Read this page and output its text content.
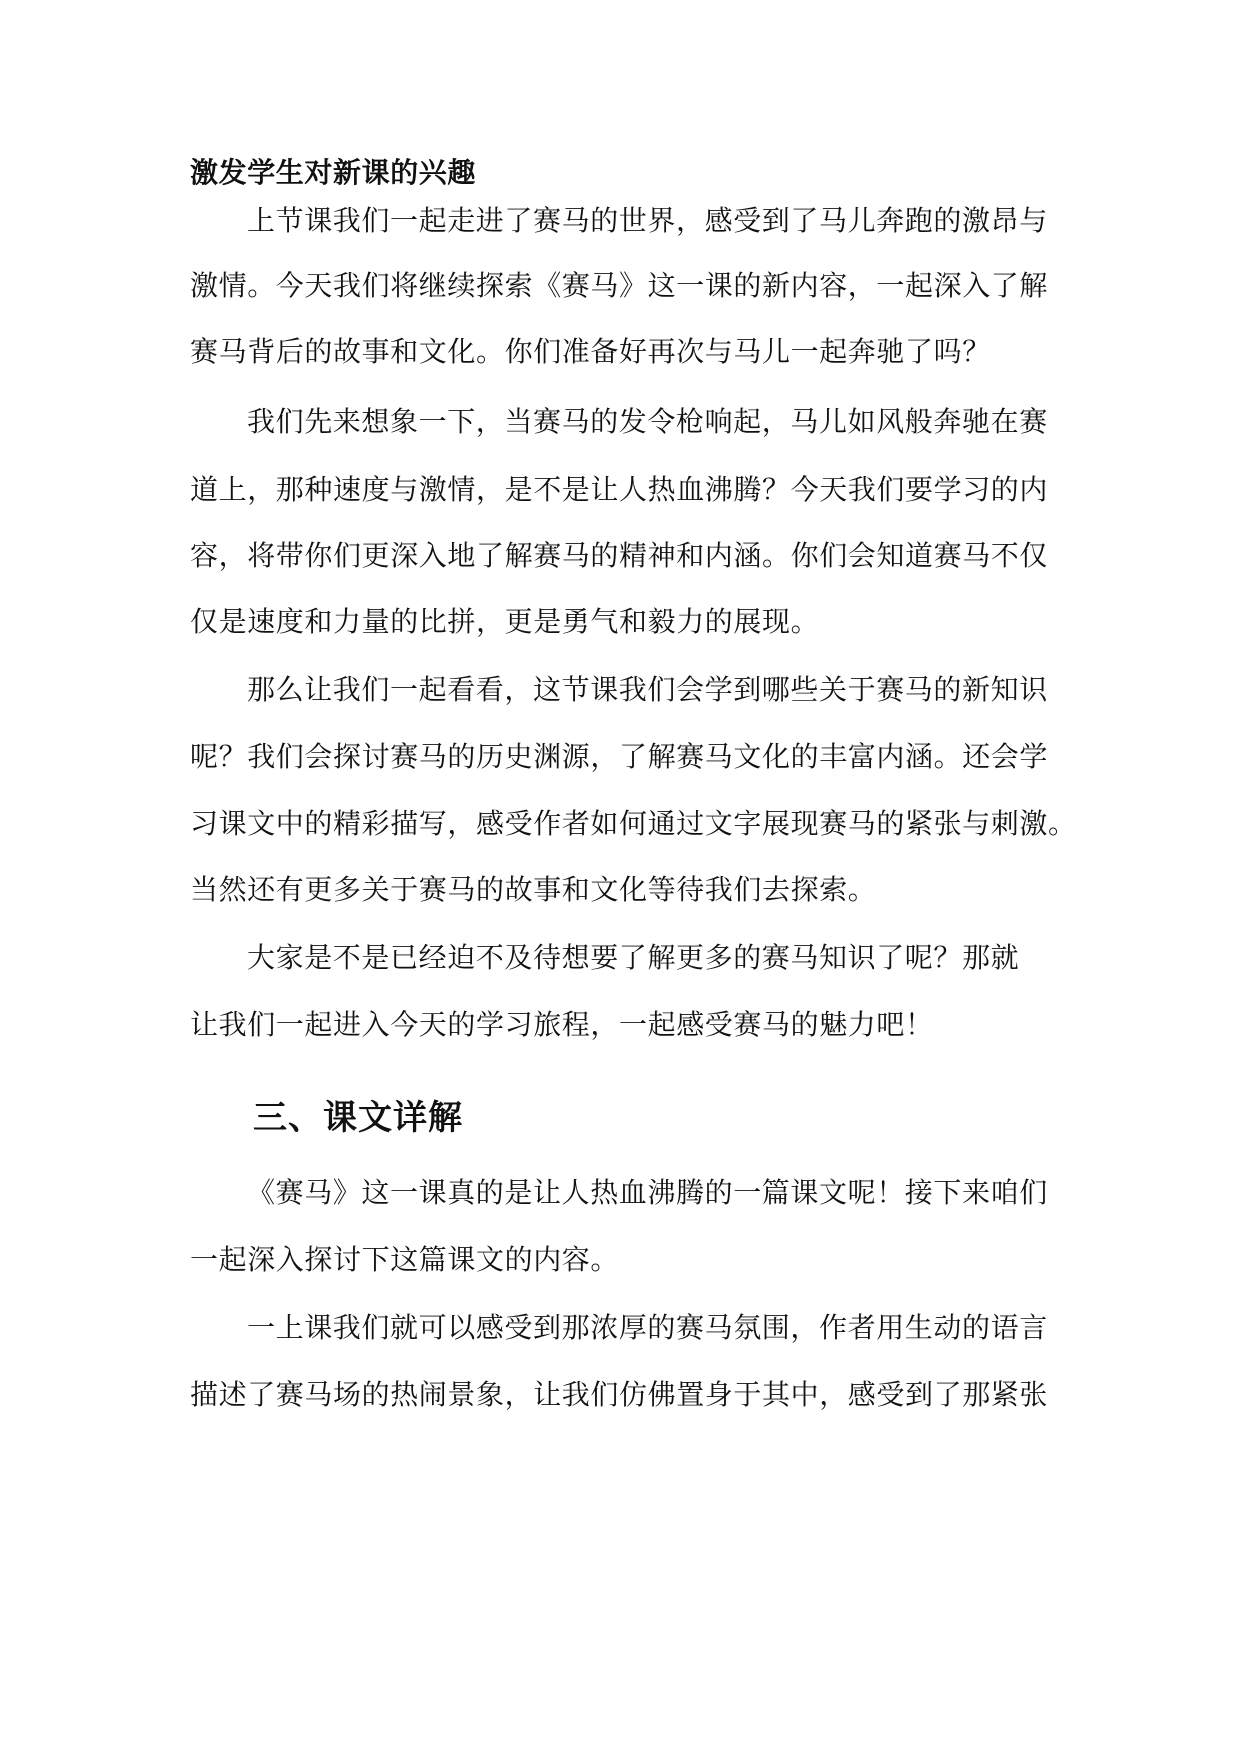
激发学生对新课的兴趣
上节课我们一起走进了赛马的世界，感受到了马儿奔跑的激昂与
激情。今天我们将继续探索《赛马》这一课的新内容，一起深入了解
赛马背后的故事和文化。你们准备好再次与马儿一起奔驰了吗？
我们先来想象一下，当赛马的发令枪响起，马儿如风般奔驰在赛
道上，那种速度与激情，是不是让人热血沸腾？今天我们要学习的内
容，将带你们更深入地了解赛马的精神和内涵。你们会知道赛马不仅
仅是速度和力量的比拼，更是勇气和毅力的展现。
那么让我们一起看看，这节课我们会学到哪些关于赛马的新知识
呢？我们会探讨赛马的历史渊源，了解赛马文化的丰富内涵。还会学
习课文中的精彩描写，感受作者如何通过文字展现赛马的紧张与刺激。
当然还有更多关于赛马的故事和文化等待我们去探索。
大家是不是已经迫不及待想要了解更多的赛马知识了呢？那就
让我们一起进入今天的学习旅程，一起感受赛马的魅力吧！
三、课文详解
《赛马》这一课真的是让人热血沸腾的一篇课文呢！接下来咱们
一起深入探讨下这篇课文的内容。
一上课我们就可以感受到那浓厚的赛马氛围，作者用生动的语言
描述了赛马场的热闹景象，让我们仿佛置身于其中，感受到了那紧张
